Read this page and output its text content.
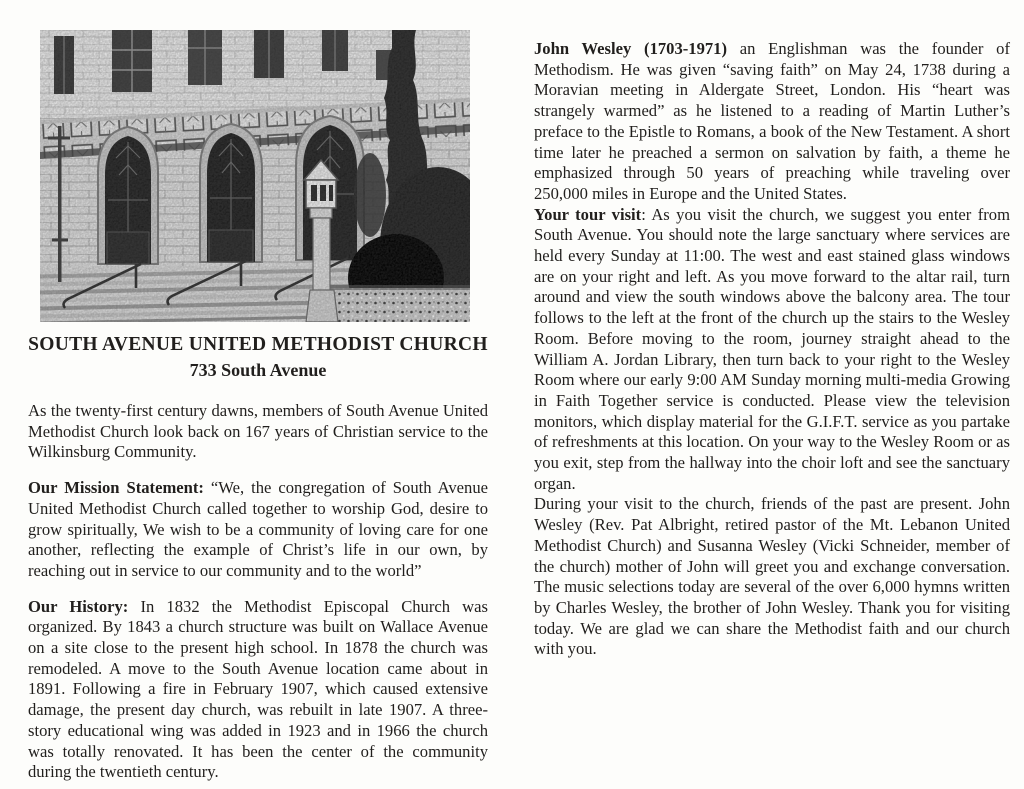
SOUTH AVENUE UNITED METHODIST CHURCH
733 South Avenue

As the twenty-first century dawns, members of South Avenue United Methodist Church look back on 167 years of Christian service to the Wilkinsburg Community.

Our Mission Statement: “We, the congregation of South Avenue United Methodist Church called together to worship God, desire to grow spiritually, We wish to be a community of loving care for one another, reflecting the example of Christ’s life in our own, by reaching out in service to our community and to the world”

Our History: In 1832 the Methodist Episcopal Church was organized. By 1843 a church structure was built on Wallace Avenue on a site close to the present high school. In 1878 the church was remodeled. A move to the South Avenue location came about in 1891. Following a fire in February 1907, which caused extensive damage, the present day church, was rebuilt in late 1907. A three-story educational wing was added in 1923 and in 1966 the church was totally renovated. It has been the center of the community during the twentieth century.

John Wesley (1703-1971) an Englishman was the founder of Methodism. He was given “saving faith” on May 24, 1738 during a Moravian meeting in Aldergate Street, London. His “heart was strangely warmed” as he listened to a reading of Martin Luther’s preface to the Epistle to Romans, a book of the New Testament. A short time later he preached a sermon on salvation by faith, a theme he emphasized through 50 years of preaching while traveling over 250,000 miles in Europe and the United States.

Your tour visit: As you visit the church, we suggest you enter from South Avenue. You should note the large sanctuary where services are held every Sunday at 11:00. The west and east stained glass windows are on your right and left. As you move forward to the altar rail, turn around and view the south windows above the balcony area. The tour follows to the left at the front of the church up the stairs to the Wesley Room. Before moving to the room, journey straight ahead to the William A. Jordan Library, then turn back to your right to the Wesley Room where our early 9:00 AM Sunday morning multi-media Growing in Faith Together service is conducted. Please view the television monitors, which display material for the G.I.F.T. service as you partake of refreshments at this location. On your way to the Wesley Room or as you exit, step from the hallway into the choir loft and see the sanctuary organ.

During your visit to the church, friends of the past are present. John Wesley (Rev. Pat Albright, retired pastor of the Mt. Lebanon United Methodist Church) and Susanna Wesley (Vicki Schneider, member of the church) mother of John will greet you and exchange conversation. The music selections today are several of the over 6,000 hymns written by Charles Wesley, the brother of John Wesley. Thank you for visiting today. We are glad we can share the Methodist faith and our church with you.
